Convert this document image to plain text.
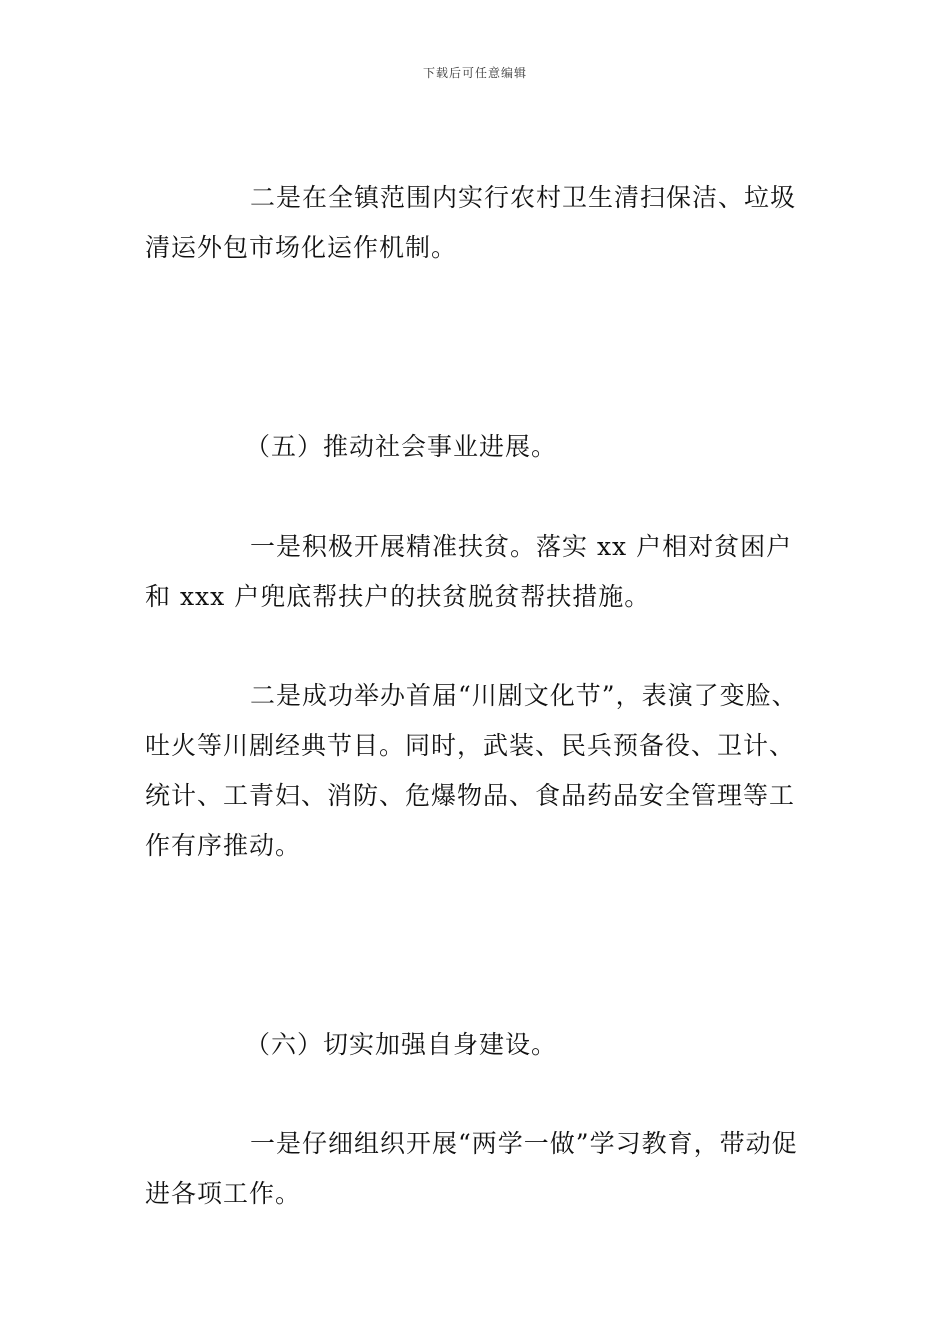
下载后可任意编辑

二是在全镇范围内实行农村卫生清扫保洁、垃圾清运外包市场化运作机制。

（五）推动社会事业进展。

一是积极开展精准扶贫。落实 xx 户相对贫困户和 xxx 户兜底帮扶户的扶贫脱贫帮扶措施。

二是成功举办首届“川剧文化节”，表演了变脸、吐火等川剧经典节目。同时，武装、民兵预备役、卫计、统计、工青妇、消防、危爆物品、食品药品安全管理等工作有序推动。

（六）切实加强自身建设。

一是仔细组织开展“两学一做”学习教育，带动促进各项工作。
